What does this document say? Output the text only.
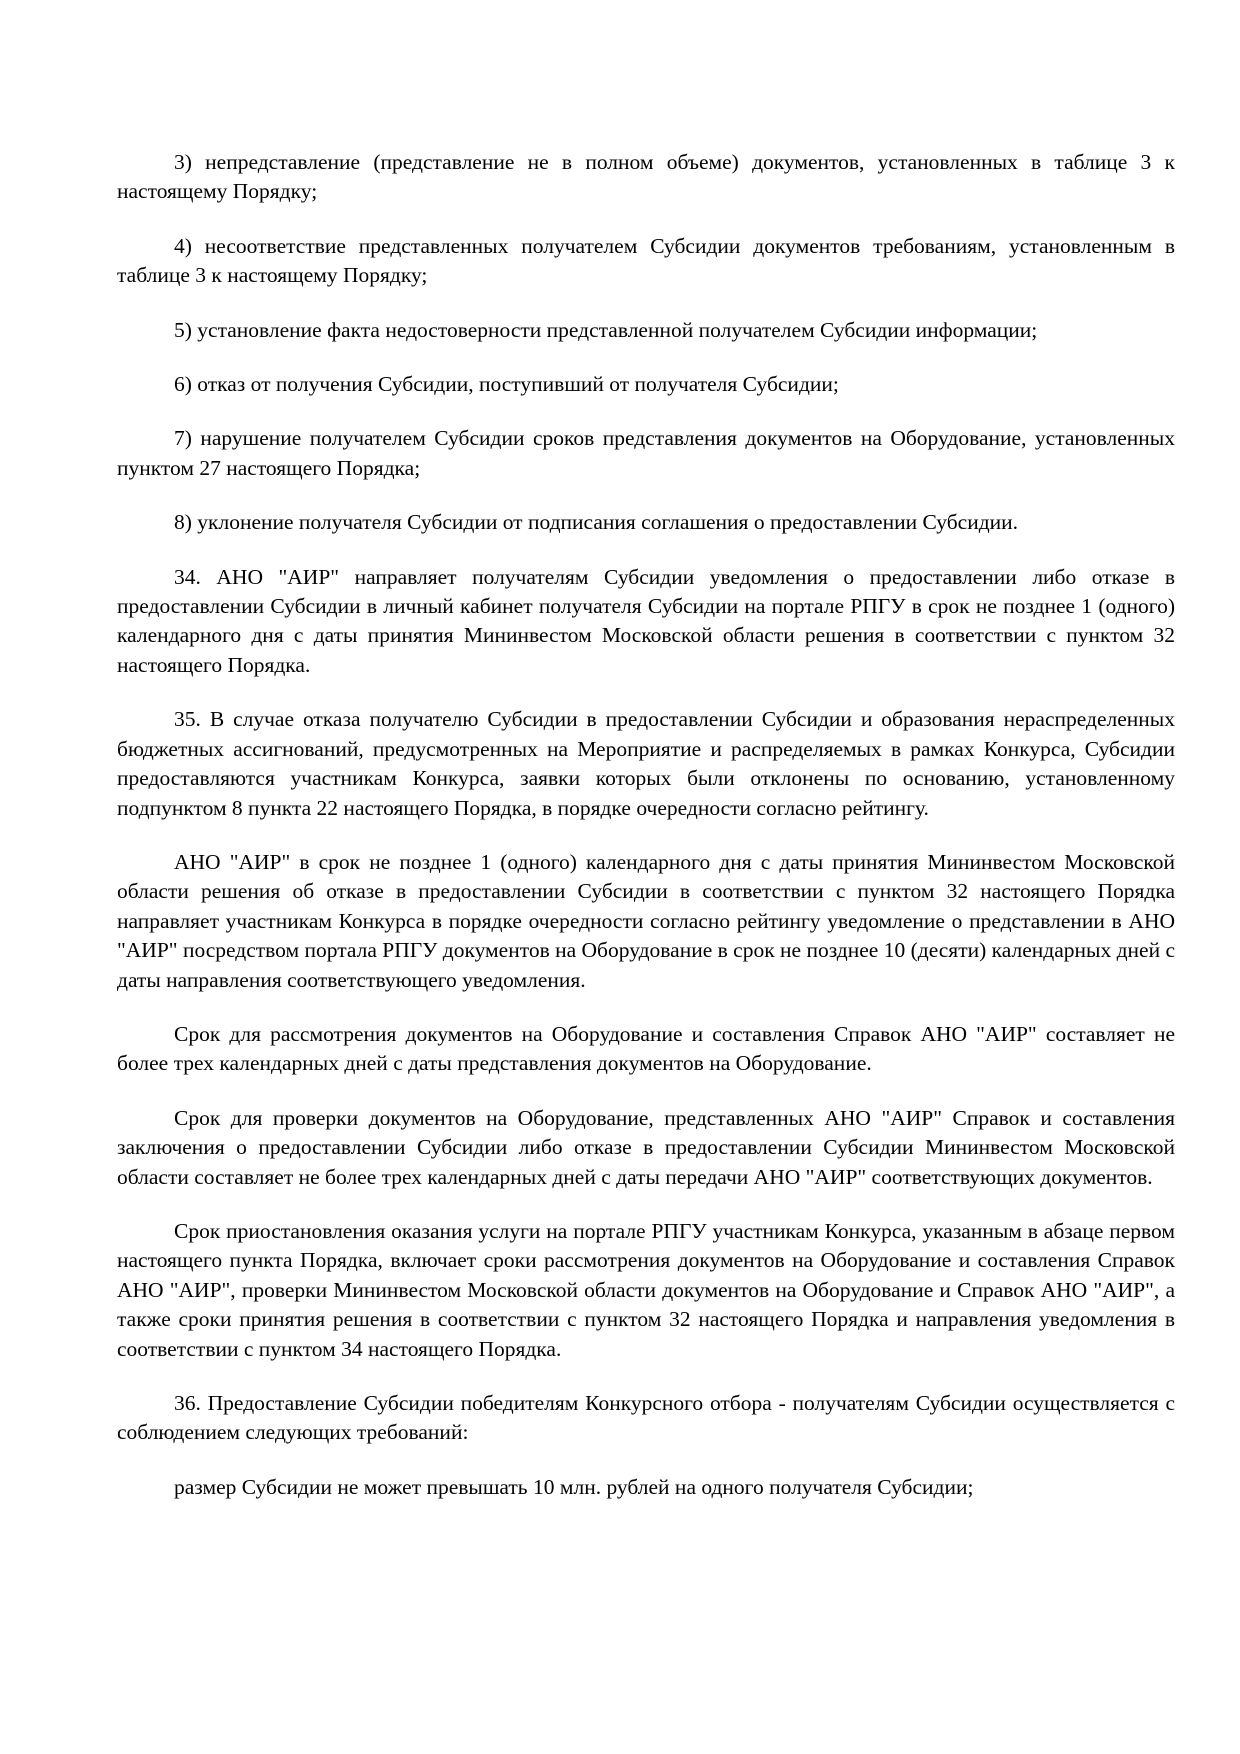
3) непредставление (представление не в полном объеме) документов, установленных в таблице 3 к настоящему Порядку;

4) несоответствие представленных получателем Субсидии документов требованиям, установленным в таблице 3 к настоящему Порядку;

5) установление факта недостоверности представленной получателем Субсидии информации;

6) отказ от получения Субсидии, поступивший от получателя Субсидии;

7) нарушение получателем Субсидии сроков представления документов на Оборудование, установленных пунктом 27 настоящего Порядка;

8) уклонение получателя Субсидии от подписания соглашения о предоставлении Субсидии.

34. АНО "АИР" направляет получателям Субсидии уведомления о предоставлении либо отказе в предоставлении Субсидии в личный кабинет получателя Субсидии на портале РПГУ в срок не позднее 1 (одного) календарного дня с даты принятия Мининвестом Московской области решения в соответствии с пунктом 32 настоящего Порядка.

35. В случае отказа получателю Субсидии в предоставлении Субсидии и образования нераспределенных бюджетных ассигнований, предусмотренных на Мероприятие и распределяемых в рамках Конкурса, Субсидии предоставляются участникам Конкурса, заявки которых были отклонены по основанию, установленному подпунктом 8 пункта 22 настоящего Порядка, в порядке очередности согласно рейтингу.

АНО "АИР" в срок не позднее 1 (одного) календарного дня с даты принятия Мининвестом Московской области решения об отказе в предоставлении Субсидии в соответствии с пунктом 32 настоящего Порядка направляет участникам Конкурса в порядке очередности согласно рейтингу уведомление о представлении в АНО "АИР" посредством портала РПГУ документов на Оборудование в срок не позднее 10 (десяти) календарных дней с даты направления соответствующего уведомления.

Срок для рассмотрения документов на Оборудование и составления Справок АНО "АИР" составляет не более трех календарных дней с даты представления документов на Оборудование.

Срок для проверки документов на Оборудование, представленных АНО "АИР" Справок и составления заключения о предоставлении Субсидии либо отказе в предоставлении Субсидии Мининвестом Московской области составляет не более трех календарных дней с даты передачи АНО "АИР" соответствующих документов.

Срок приостановления оказания услуги на портале РПГУ участникам Конкурса, указанным в абзаце первом настоящего пункта Порядка, включает сроки рассмотрения документов на Оборудование и составления Справок АНО "АИР", проверки Мининвестом Московской области документов на Оборудование и Справок АНО "АИР", а также сроки принятия решения в соответствии с пунктом 32 настоящего Порядка и направления уведомления в соответствии с пунктом 34 настоящего Порядка.

36. Предоставление Субсидии победителям Конкурсного отбора - получателям Субсидии осуществляется с соблюдением следующих требований:

размер Субсидии не может превышать 10 млн. рублей на одного получателя Субсидии;
